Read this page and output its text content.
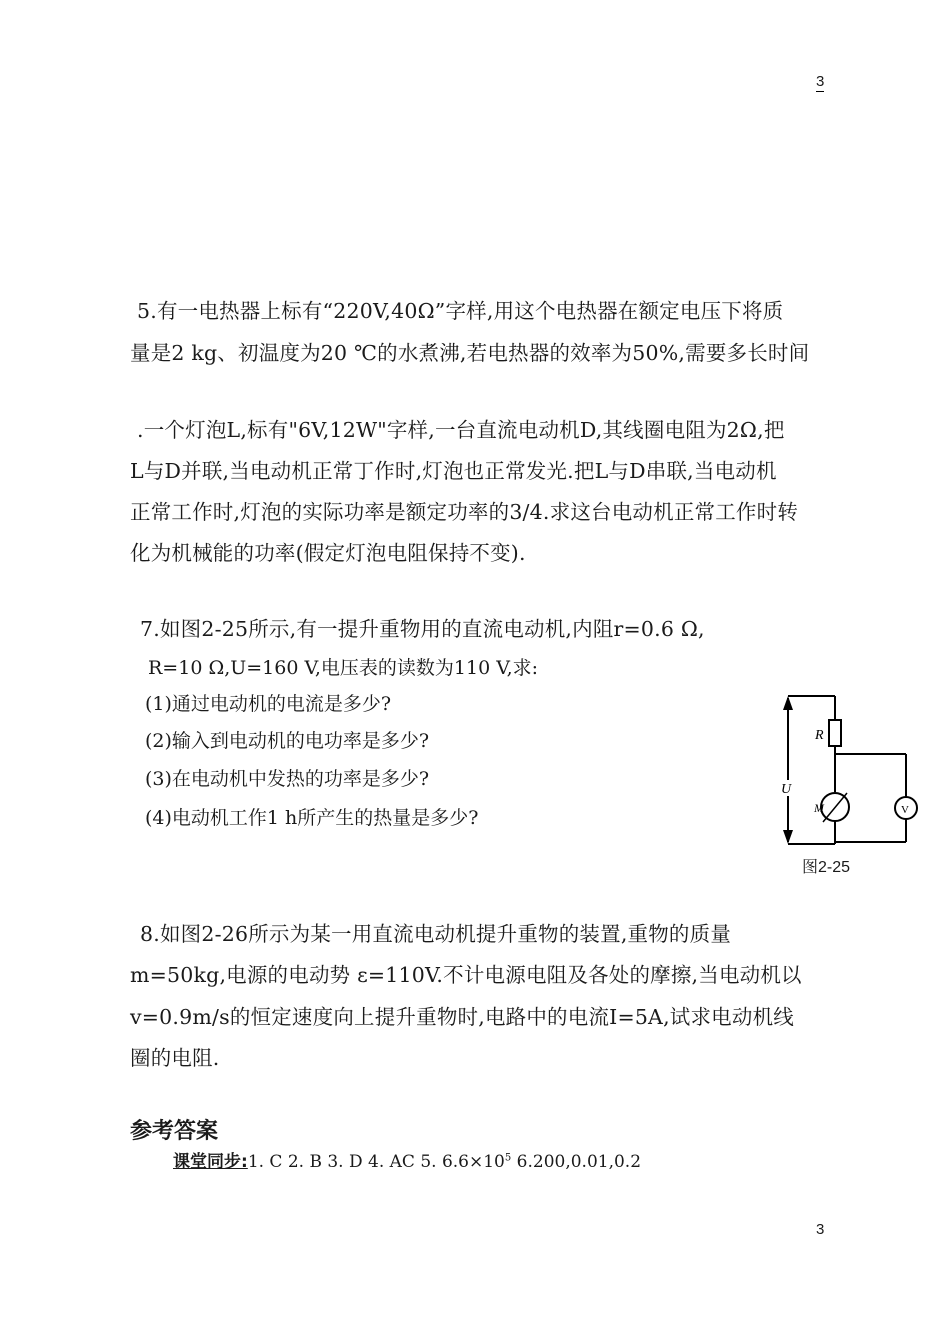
3
5.有一电热器上标有“220V,40Ω”字样,用这个电热器在额定电压下将质
量是2 kg、初温度为20 ℃的水煮沸,若电热器的效率为50%,需要多长时间
.一个灯泡L,标有"6V,12W"字样,一台直流电动机D,其线圈电阻为2Ω,把
L与D并联,当电动机正常丁作时,灯泡也正常发光.把L与D串联,当电动机
正常工作时,灯泡的实际功率是额定功率的3/4.求这台电动机正常工作时转
化为机械能的功率(假定灯泡电阻保持不变).
7.如图2-25所示,有一提升重物用的直流电动机,内阻r=0.6 Ω,
R=10 Ω,U=160 V,电压表的读数为110 V,求:
(1)通过电动机的电流是多少?
(2)输入到电动机的电功率是多少?
(3)在电动机中发热的功率是多少?
(4)电动机工作1 h所产生的热量是多少?
R
U
M	V
图2-25
8.如图2-26所示为某一用直流电动机提升重物的装置,重物的质量
m=50kg,电源的电动势 ε=110V.不计电源电阻及各处的摩擦,当电动机以
v=0.9m/s的恒定速度向上提升重物时,电路中的电流I=5A,试求电动机线
圈的电阻.
参考答案
课堂同步:1. C 2. B 3. D 4. AC 5. $6.6\times 10^5$ 6.200,0.01,0.2
3
